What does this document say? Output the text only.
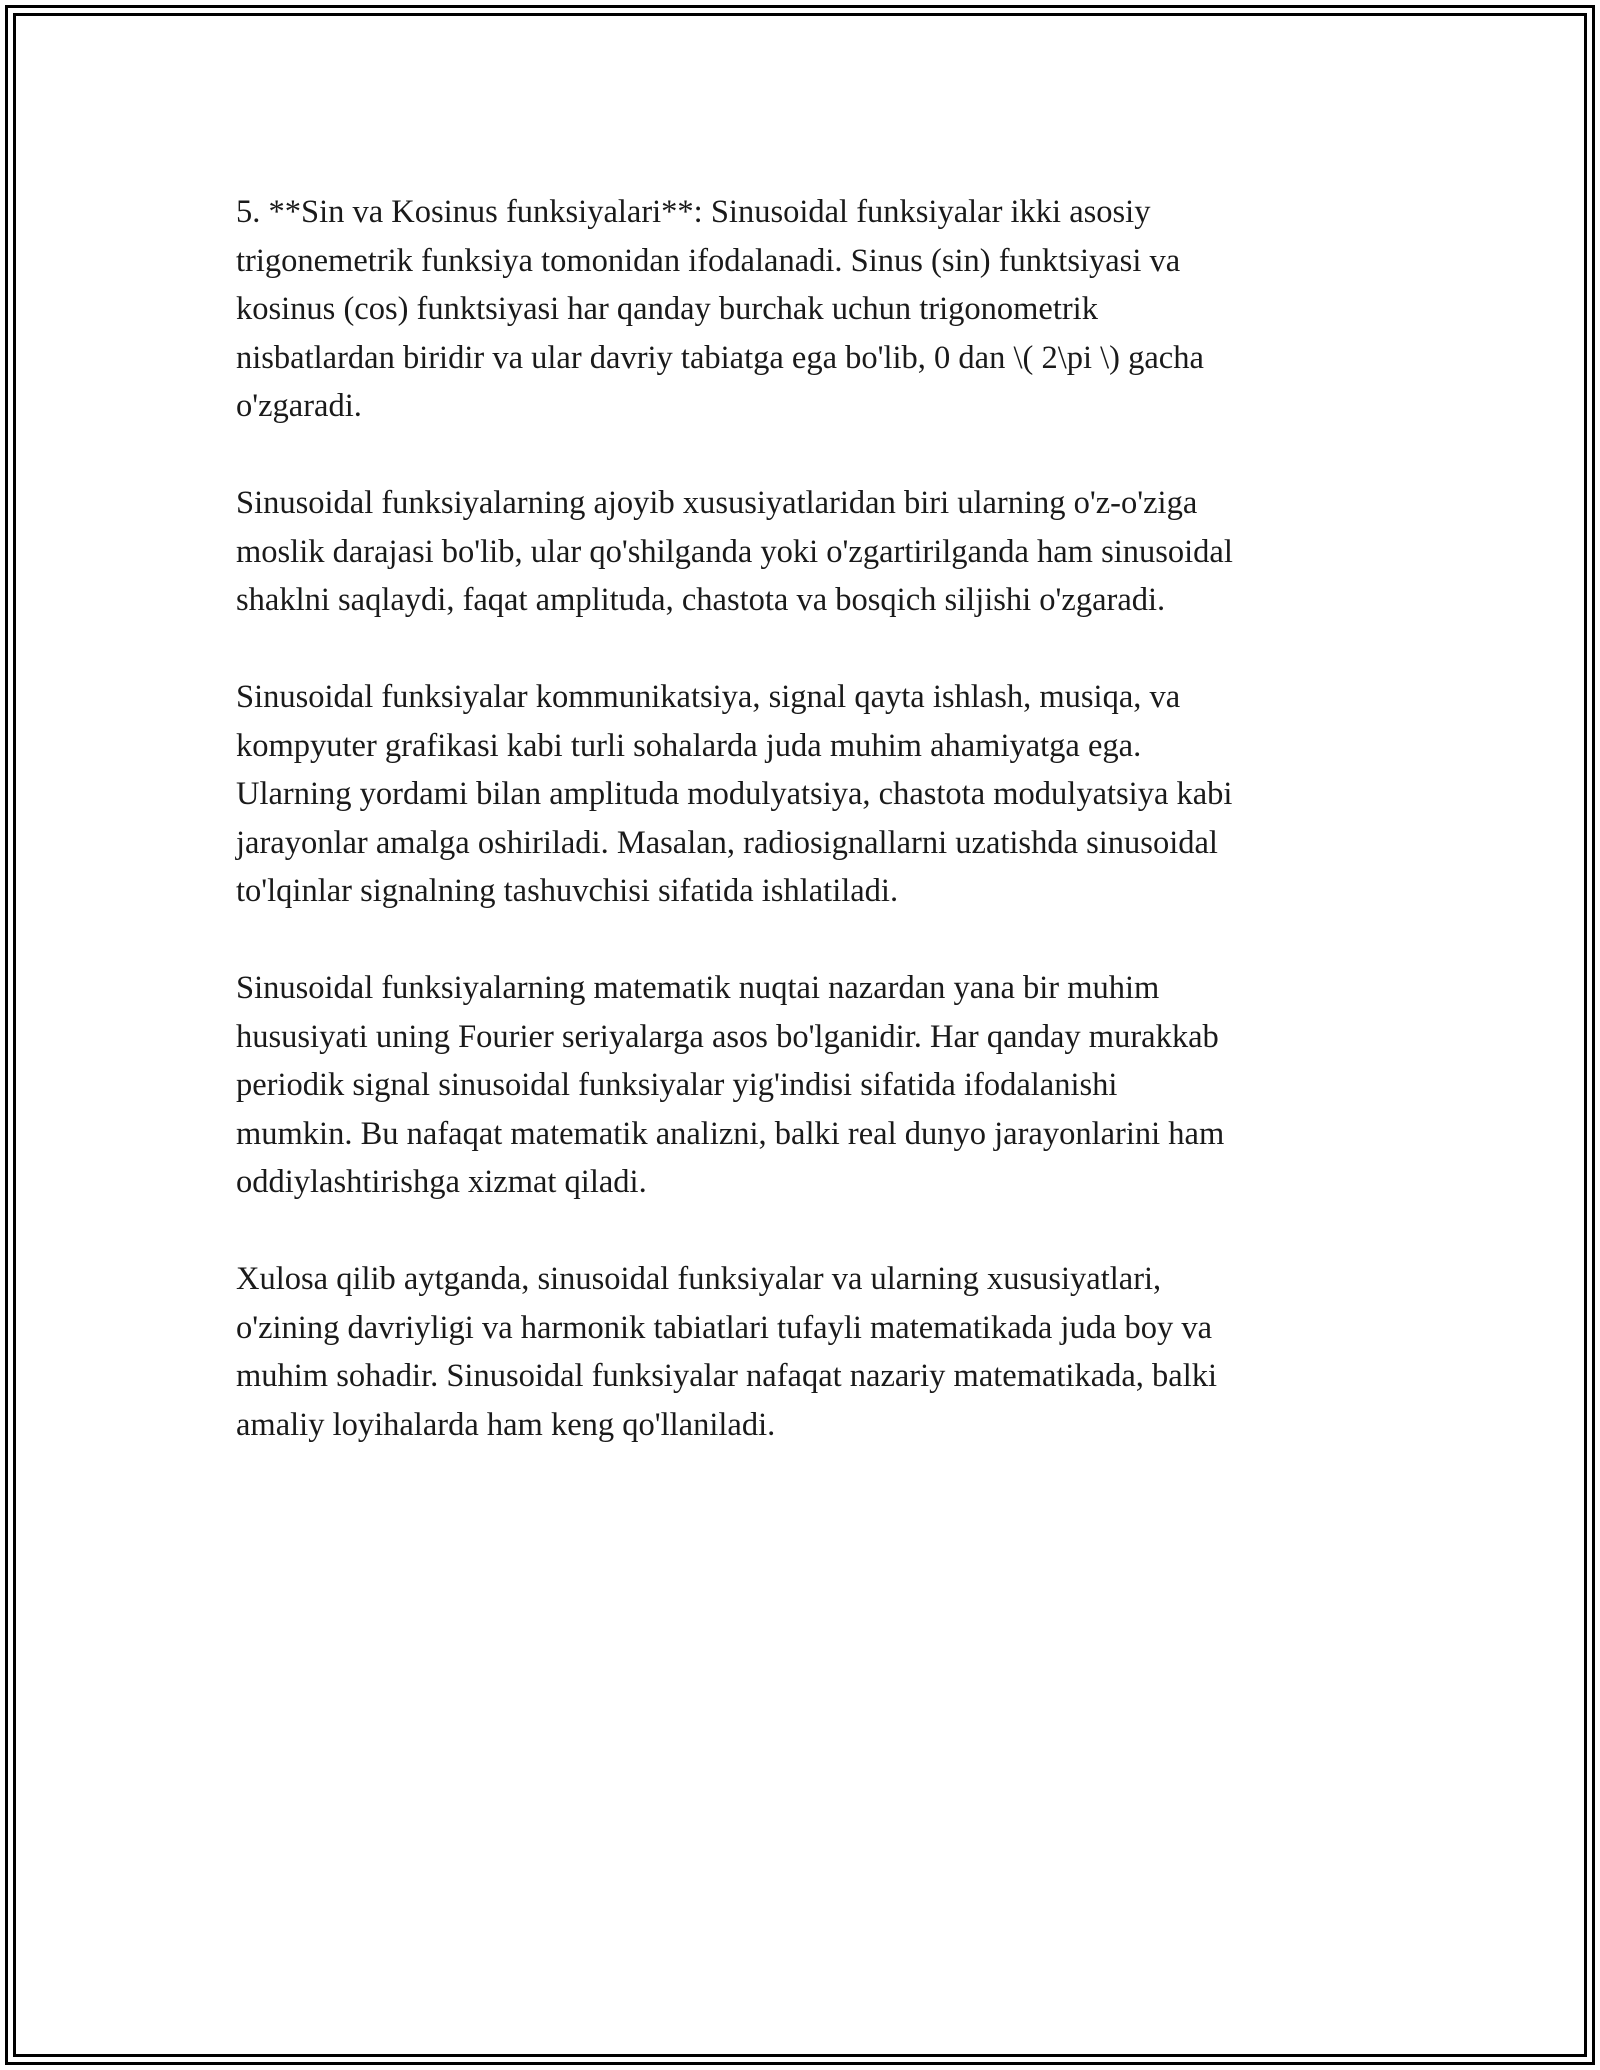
5. **Sin va Kosinus funksiyalari**: Sinusoidal funksiyalar ikki asosiy
trigonemetrik funksiya tomonidan ifodalanadi. Sinus (sin) funktsiyasi va
kosinus (cos) funktsiyasi har qanday burchak uchun trigonometrik
nisbatlardan biridir va ular davriy tabiatga ega bo'lib, 0 dan \( 2\pi \) gacha
o'zgaradi.

Sinusoidal funksiyalarning ajoyib xususiyatlaridan biri ularning o'z-o'ziga
moslik darajasi bo'lib, ular qo'shilganda yoki o'zgartirilganda ham sinusoidal
shaklni saqlaydi, faqat amplituda, chastota va bosqich siljishi o'zgaradi.

Sinusoidal funksiyalar kommunikatsiya, signal qayta ishlash, musiqa, va
kompyuter grafikasi kabi turli sohalarda juda muhim ahamiyatga ega.
Ularning yordami bilan amplituda modulyatsiya, chastota modulyatsiya kabi
jarayonlar amalga oshiriladi. Masalan, radiosignallarni uzatishda sinusoidal
to'lqinlar signalning tashuvchisi sifatida ishlatiladi.

Sinusoidal funksiyalarning matematik nuqtai nazardan yana bir muhim
hususiyati uning Fourier seriyalarga asos bo'lganidir. Har qanday murakkab
periodik signal sinusoidal funksiyalar yig'indisi sifatida ifodalanishi
mumkin. Bu nafaqat matematik analizni, balki real dunyo jarayonlarini ham
oddiylashtirishga xizmat qiladi.

Xulosa qilib aytganda, sinusoidal funksiyalar va ularning xususiyatlari,
o'zining davriyligi va harmonik tabiatlari tufayli matematikada juda boy va
muhim sohadir. Sinusoidal funksiyalar nafaqat nazariy matematikada, balki
amaliy loyihalarda ham keng qo'llaniladi.
